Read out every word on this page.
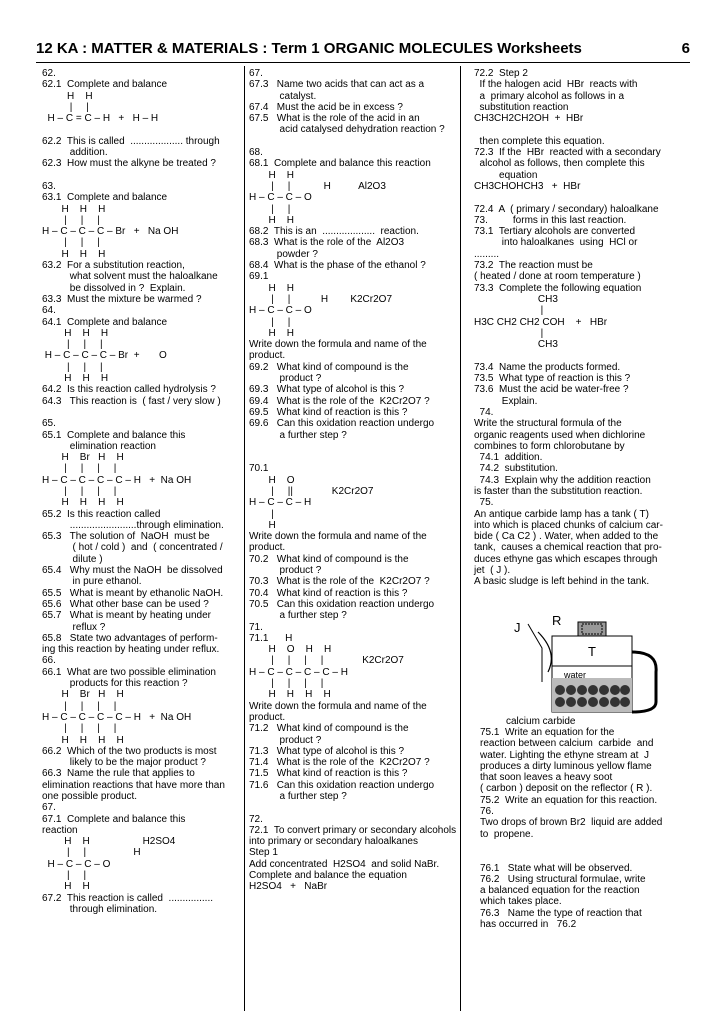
12 KA : MATTER & MATERIALS : Term 1 ORGANIC MOLECULES Worksheets	6
62.
62.1  Complete and balance
H    H
|     |
H – C = C – H   +   H – H

62.2  This is called  ................... through
addition.
62.3  How must the alkyne be treated ?

63.
63.1  Complete and balance
H    H    H
|     |     |
H – C – C – C – Br   +   Na OH
|     |     |
H    H    H
63.2  For a substitution reaction,
what solvent must the haloalkane
be dissolved in ?  Explain.
63.3  Must the mixture be warmed ?
64.
64.1  Complete and balance
H    H    H
|     |     |
H – C – C – C – Br  +       O
|     |     |
H    H    H
64.2  Is this reaction called hydrolysis ?
64.3   This reaction is  ( fast / very slow )

65.
65.1  Complete and balance this
elimination reaction
H    Br   H    H
|     |     |     |
H – C – C – C – C – H   +  Na OH
|     |     |     |
H    H    H    H
65.2  Is this reaction called
........................through elimination.
65.3   The solution of  NaOH  must be
( hot / cold )  and  ( concentrated /
dilute )
65.4   Why must the NaOH  be dissolved
in pure ethanol.
65.5   What is meant by ethanolic NaOH.
65.6   What other base can be used ?
65.7   What is meant by heating under
reflux ?
65.8   State two advantages of perform-
ing this reaction by heating under reflux.
66.
66.1  What are two possible elimination
products for this reaction ?
H    Br   H    H
|     |     |     |
H – C – C – C – C – H   +  Na OH
|     |     |     |
H    H    H    H
66.2  Which of the two products is most
likely to be the major product ?
66.3  Name the rule that applies to
elimination reactions that have more than
one possible product.
67.
67.1  Complete and balance this
reaction
H    H                   H2SO4
|     |                 H
H – C – C – O
|     |
H    H
67.2  This reaction is called  ................
through elimination.
67.
67.3   Name two acids that can act as a
catalyst.
67.4   Must the acid be in excess ?
67.5   What is the role of the acid in an
acid catalysed dehydration reaction ?

68.
68.1  Complete and balance this reaction
H    H
|     |            H          Al2O3
H – C – C – O
|     |
H    H
68.2  This is an  ...................  reaction.
68.3  What is the role of the  Al2O3
powder ?
68.4  What is the phase of the ethanol ?
69.1
H    H
|     |           H        K2Cr2O7
H – C – C – O
|     |
H    H
Write down the formula and name of the
product.
69.2   What kind of compound is the
product ?
69.3   What type of alcohol is this ?
69.4   What is the role of the  K2Cr2O7 ?
69.5   What kind of reaction is this ?
69.6   Can this oxidation reaction undergo
a further step ?

70.1
H    O
|     ||              K2Cr2O7
H – C – C – H
|
H
Write down the formula and name of the
product.
70.2   What kind of compound is the
product ?
70.3   What is the role of the  K2Cr2O7 ?
70.4   What kind of reaction is this ?
70.5   Can this oxidation reaction undergo
a further step ?
71.
71.1      H
H    O    H    H
|     |     |     |              K2Cr2O7
H – C – C – C – C – H
|     |     |     |
H    H    H    H
Write down the formula and name of the
product.
71.2   What kind of compound is the
product ?
71.3   What type of alcohol is this ?
71.4   What is the role of the  K2Cr2O7 ?
71.5   What kind of reaction is this ?
71.6   Can this oxidation reaction undergo
a further step ?

72.
72.1  To convert primary or secondary alcohols
into primary or secondary haloalkanes
Step 1
Add concentrated  H2SO4  and solid NaBr.
Complete and balance the equation
H2SO4   +   NaBr
72.2  Step 2
If the halogen acid  HBr  reacts with
a  primary alcohol as follows in a
substitution reaction
CH3CH2CH2OH  +  HBr

then complete this equation.
72.3  If the  HBr  reacted with a secondary
alcohol as follows, then complete this
equation
CH3CHOHCH3   +  HBr

72.4  A  ( primary / secondary) haloalkane
73.         forms in this last reaction.
73.1  Tertiary alcohols are converted
into haloalkanes  using  HCl or
.........
73.2  The reaction must be
( heated / done at room temperature )
73.3  Complete the following equation
CH3
|
H3C CH2 CH2 COH    +   HBr
|
CH3

73.4  Name the products formed.
73.5  What type of reaction is this ?
73.6  Must the acid be water-free ?
Explain.
74.
Write the structural formula of the
organic reagents used when dichlorine
combines to form chlorobutane by
74.1  addition.
74.2  substitution.
74.3  Explain why the addition reaction
is faster than the substitution reaction.
75.
An antique carbide lamp has a tank ( T)
into which is placed chunks of calcium car-
bide ( Ca C2 ) . Water, when added to the
tank,  causes a chemical reaction that pro-
duces ethyne gas which escapes through
jet  ( J ).
A basic sludge is left behind in the tank.
J R
T
water
calcium carbide
75.1  Write an equation for the
reaction between calcium  carbide  and
water. Lighting the ethyne stream at  J
produces a dirty luminous yellow flame
that soon leaves a heavy soot
( carbon ) deposit on the reflector ( R ).
75.2  Write an equation for this reaction.
76.
Two drops of brown Br2  liquid are added
to  propene.

76.1   State what will be observed.
76.2   Using structural formulae, write
a balanced equation for the reaction
which takes place.
76.3   Name the type of reaction that
has occurred in   76.2
